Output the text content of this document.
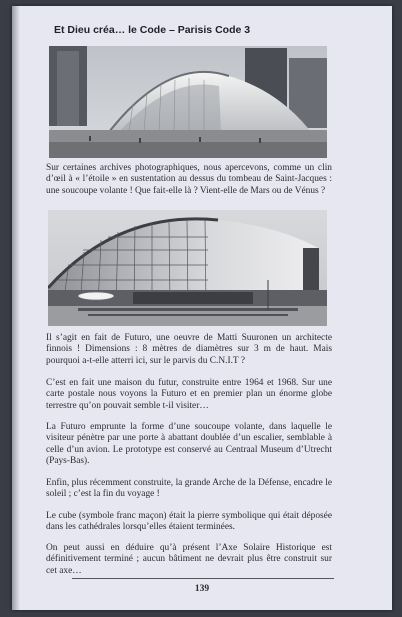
Et Dieu créa… le Code – Parisis Code 3

Sur certaines archives photographiques, nous apercevons, comme un clin d’œil à « l’étoile » en sustentation au dessus du tombeau de Saint-Jacques : une soucoupe volante ! Que fait-elle là ? Vient-elle de Mars ou de Vénus ?

Il s’agit en fait de Futuro, une oeuvre de Matti Suuronen un architecte finnois ! Dimensions : 8 mètres de diamètres sur 3 m de haut. Mais pourquoi a-t-elle atterri ici, sur le parvis du C.N.I.T ?

C’est en fait une maison du futur, construite entre 1964 et 1968. Sur une carte postale nous voyons la Futuro et en premier plan un énorme globe terrestre qu’on pouvait semble t-il visiter…

La Futuro emprunte la forme d’une soucoupe volante, dans laquelle le visiteur pénètre par une porte à abattant doublée d’un escalier, semblable à celle d’un avion. Le prototype est conservé au Centraal Museum d’Utrecht (Pays-Bas).

Enfin, plus récemment construite, la grande Arche de la Défense, encadre le soleil ; c’est la fin du voyage !

Le cube (symbole franc maçon) était la pierre symbolique qui était déposée dans les cathédrales lorsqu’elles étaient terminées.

On peut aussi en déduire qu’à présent l’Axe Solaire Historique est définitivement terminé ; aucun bâtiment ne devrait plus être construit sur cet axe…

139
